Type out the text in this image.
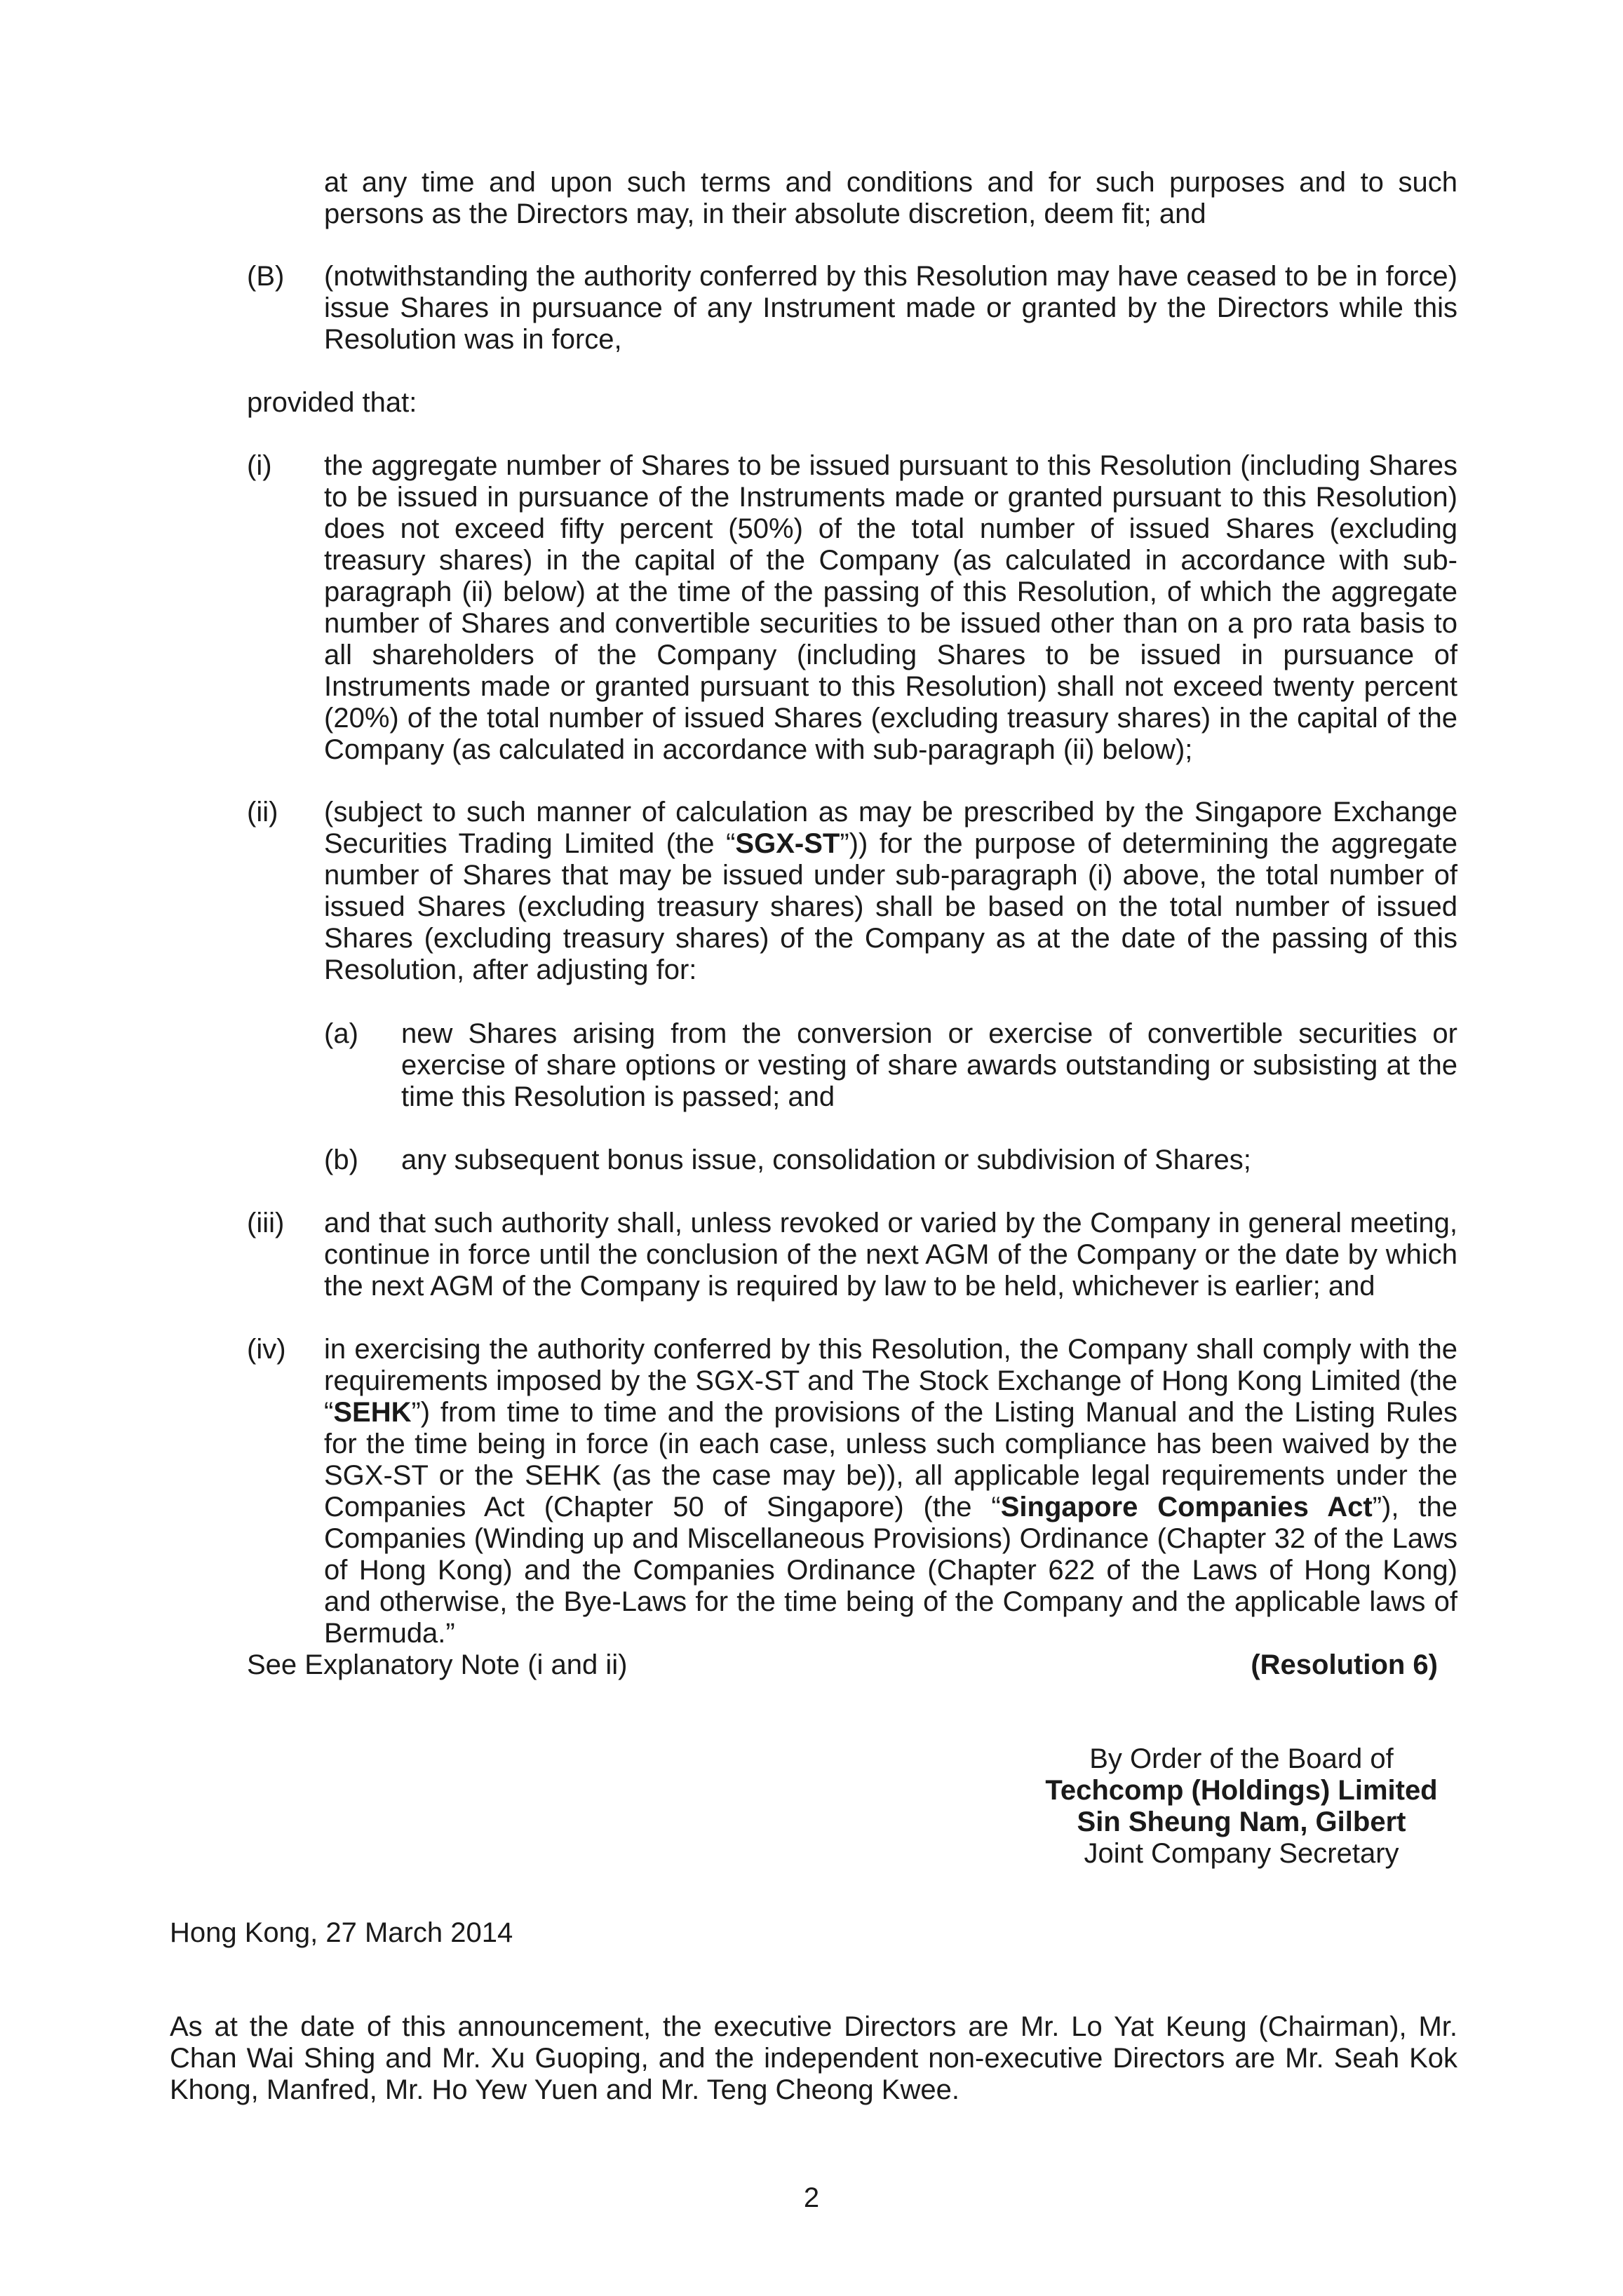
at any time and upon such terms and conditions and for such purposes and to such persons as the Directors may, in their absolute discretion, deem fit; and

(B) (notwithstanding the authority conferred by this Resolution may have ceased to be in force) issue Shares in pursuance of any Instrument made or granted by the Directors while this Resolution was in force,

provided that:

(i) the aggregate number of Shares to be issued pursuant to this Resolution (including Shares to be issued in pursuance of the Instruments made or granted pursuant to this Resolution) does not exceed fifty percent (50%) of the total number of issued Shares (excluding treasury shares) in the capital of the Company (as calculated in accordance with sub-paragraph (ii) below) at the time of the passing of this Resolution, of which the aggregate number of Shares and convertible securities to be issued other than on a pro rata basis to all shareholders of the Company (including Shares to be issued in pursuance of Instruments made or granted pursuant to this Resolution) shall not exceed twenty percent (20%) of the total number of issued Shares (excluding treasury shares) in the capital of the Company (as calculated in accordance with sub-paragraph (ii) below);

(ii) (subject to such manner of calculation as may be prescribed by the Singapore Exchange Securities Trading Limited (the “SGX-ST”)) for the purpose of determining the aggregate number of Shares that may be issued under sub-paragraph (i) above, the total number of issued Shares (excluding treasury shares) shall be based on the total number of issued Shares (excluding treasury shares) of the Company as at the date of the passing of this Resolution, after adjusting for:

(a) new Shares arising from the conversion or exercise of convertible securities or exercise of share options or vesting of share awards outstanding or subsisting at the time this Resolution is passed; and

(b) any subsequent bonus issue, consolidation or subdivision of Shares;

(iii) and that such authority shall, unless revoked or varied by the Company in general meeting, continue in force until the conclusion of the next AGM of the Company or the date by which the next AGM of the Company is required by law to be held, whichever is earlier; and

(iv) in exercising the authority conferred by this Resolution, the Company shall comply with the requirements imposed by the SGX-ST and The Stock Exchange of Hong Kong Limited (the “SEHK”) from time to time and the provisions of the Listing Manual and the Listing Rules for the time being in force (in each case, unless such compliance has been waived by the SGX-ST or the SEHK (as the case may be)), all applicable legal requirements under the Companies Act (Chapter 50 of Singapore) (the “Singapore Companies Act”), the Companies (Winding up and Miscellaneous Provisions) Ordinance (Chapter 32 of the Laws of Hong Kong) and the Companies Ordinance (Chapter 622 of the Laws of Hong Kong) and otherwise, the Bye-Laws for the time being of the Company and the applicable laws of Bermuda.”

See Explanatory Note (i and ii)	(Resolution 6)
By Order of the Board of
Techcomp (Holdings) Limited
Sin Sheung Nam, Gilbert
Joint Company Secretary

Hong Kong, 27 March 2014

As at the date of this announcement, the executive Directors are Mr. Lo Yat Keung (Chairman), Mr. Chan Wai Shing and Mr. Xu Guoping, and the independent non-executive Directors are Mr. Seah Kok Khong, Manfred, Mr. Ho Yew Yuen and Mr. Teng Cheong Kwee.

2
